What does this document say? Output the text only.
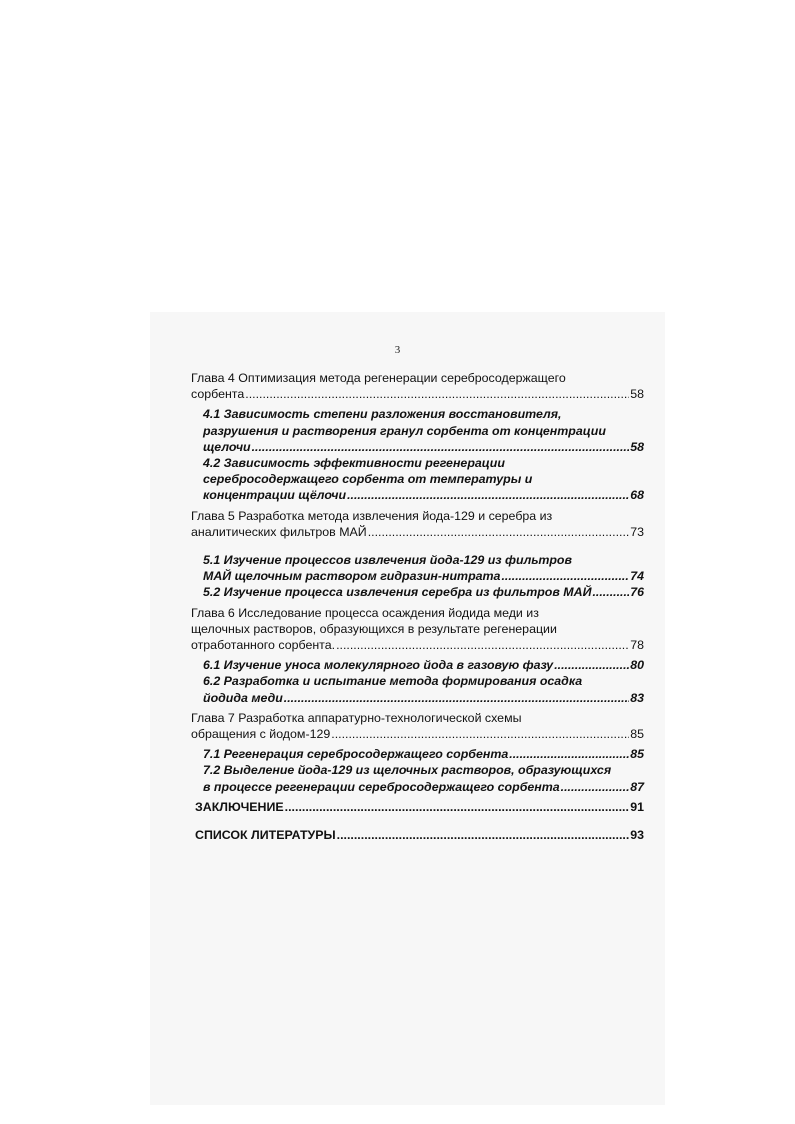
3
Глава 4 Оптимизация метода регенерации серебросодержащего
сорбента .....	58
4.1 Зависимость степени разложения восстановителя,
разрушения и растворения гранул сорбента от концентрации
щелочи .....	58
4.2 Зависимость эффективности регенерации
серебросодержащего сорбента от температуры и
концентрации щёлочи .....	68
Глава 5 Разработка метода извлечения йода-129 и серебра из
аналитических фильтров МАЙ .....	73
5.1 Изучение процессов извлечения йода-129 из фильтров
МАЙ щелочным раствором гидразин-нитрата .....	74
5.2 Изучение процесса извлечения серебра из фильтров МАЙ .....	76
Глава 6 Исследование процесса осаждения йодида меди из
щелочных растворов, образующихся в результате регенерации
отработанного сорбента. .....	78
6.1 Изучение уноса молекулярного йода в газовую фазу .....	80
6.2 Разработка и испытание метода формирования осадка
йодида меди .....	83
Глава 7 Разработка аппаратурно-технологической схемы
обращения с йодом-129 .....	85
7.1 Регенерация серебросодержащего сорбента .....	85
7.2 Выделение йода-129 из щелочных растворов, образующихся
в процессе регенерации серебросодержащего сорбента .....	87
ЗАКЛЮЧЕНИЕ .....	91
СПИСОК ЛИТЕРАТУРЫ .....	93
